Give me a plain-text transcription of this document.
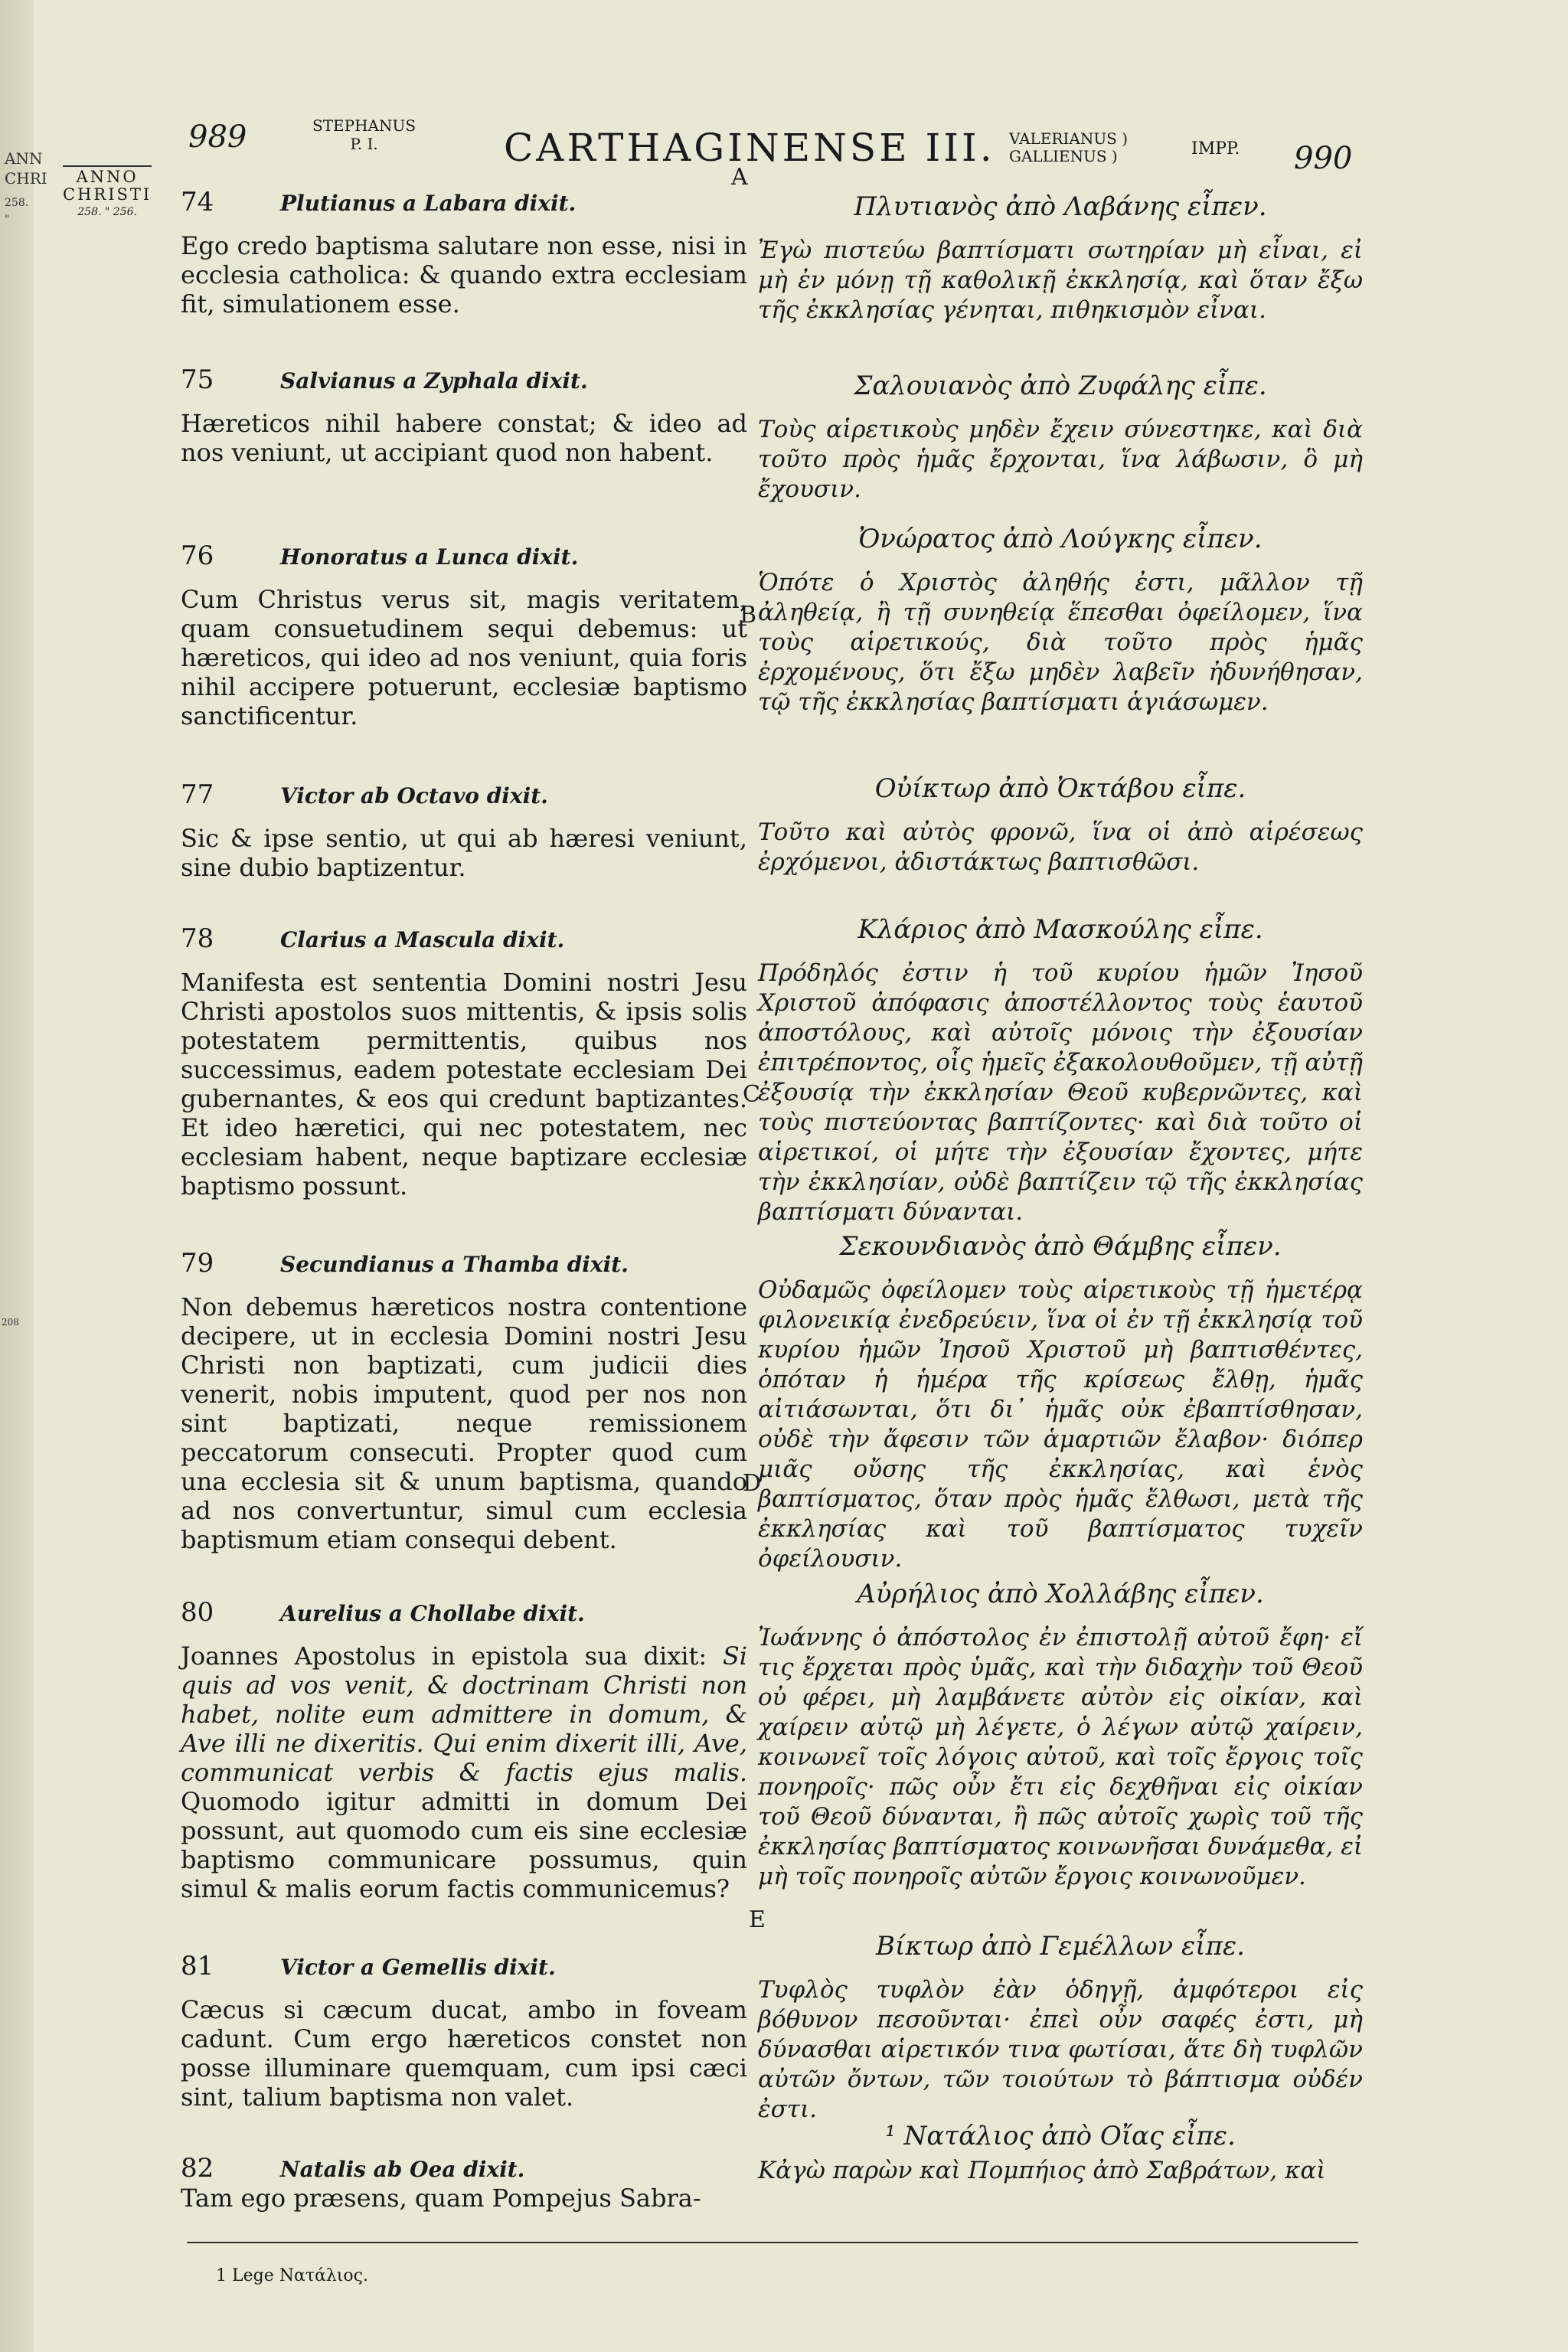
ANN
CHRI
258. "
208
989	STEPHANUS
P. I.	CARTHAGINENSE III. VALERIANUS )
GALLIENUS )	IMPP. 990
A
ANNO
CHRISTI
258. " 256.	74	Plutianus a Labara dixit.
Ego credo baptisma salutare non esse, nisi in ecclesia catholica: & quando extra ecclesiam fit, simulationem esse.
75	Salvianus a Zyphala dixit.
Hæreticos nihil habere constat; & ideo ad nos veniunt, ut accipiant quod non habent.
76	Honoratus a Lunca dixit.
Cum Christus verus sit, magis veritatem, quam consuetudinem sequi debemus: ut hæreticos, qui ideo ad nos veniunt, quia foris nihil accipere potuerunt, ecclesiæ baptismo sanctificentur.
77	Victor ab Octavo dixit.
Sic & ipse sentio, ut qui ab hæresi veniunt, sine dubio baptizentur.
78	Clarius a Mascula dixit.
Manifesta est sententia Domini nostri Jesu Christi apostolos suos mittentis, & ipsis solis potestatem permittentis, quibus nos successimus, eadem potestate ecclesiam Dei gubernantes, & eos qui credunt baptizantes. Et ideo hæretici, qui nec potestatem, nec ecclesiam habent, neque baptizare ecclesiæ baptismo possunt.
79	Secundianus a Thamba dixit.
Non debemus hæreticos nostra contentione decipere, ut in ecclesia Domini nostri Jesu Christi non baptizati, cum judicii dies venerit, nobis imputent, quod per nos non sint baptizati, neque remissionem peccatorum consecuti. Propter quod cum una ecclesia sit & unum baptisma, quando ad nos convertuntur, simul cum ecclesia baptismum etiam consequi debent.
80	Aurelius a Chollabe dixit.
Joannes Apostolus in epistola sua dixit: Si quis ad vos venit, & doctrinam Christi non habet, nolite eum admittere in domum, & Ave illi ne dixeritis. Qui enim dixerit illi, Ave, communicat verbis & factis ejus malis. Quomodo igitur admitti in domum Dei possunt, aut quomodo cum eis sine ecclesiæ baptismo communicare possumus, quin simul & malis eorum factis communicemus?
81	Victor a Gemellis dixit.
Cæcus si cæcum ducat, ambo in foveam cadunt. Cum ergo hæreticos constet non posse illuminare quemquam, cum ipsi cæci sint, talium baptisma non valet.
82	Natalis ab Oea dixit.
Tam ego præsens, quam Pompejus Sabra-
Πλυτιανὸς ἀπὸ Λαβάνης εἶπεν.
Ἐγὼ πιστεύω βαπτίσματι σωτηρίαν μὴ εἶναι, εἰ μὴ ἐν μόνῃ τῇ καθολικῇ ἐκκλησίᾳ, καὶ ὅταν ἔξω τῆς ἐκκλησίας γένηται, πιθηκισμὸν εἶναι.
Σαλουιανὸς ἀπὸ Ζυφάλης εἶπε.
Τοὺς αἱρετικοὺς μηδὲν ἔχειν σύνεστηκε, καὶ διὰ τοῦτο πρὸς ἡμᾶς ἔρχονται, ἵνα λάβωσιν, ὃ μὴ ἔχουσιν.
Ὀνώρατος ἀπὸ Λούγκης εἶπεν.
Ὁπότε ὁ Χριστὸς ἀληθής ἐστι, μᾶλλον τῇ ἀληθείᾳ, ἢ τῇ συνηθείᾳ ἕπεσθαι ὀφείλομεν, ἵνα τοὺς αἱρετικούς, διὰ τοῦτο πρὸς ἡμᾶς ἐρχομένους, ὅτι ἔξω μηδὲν λαβεῖν ἠδυνήθησαν, τῷ τῆς ἐκκλησίας βαπτίσματι ἁγιάσωμεν.
Οὐίκτωρ ἀπὸ Ὀκτάβου εἶπε.
Τοῦτο καὶ αὐτὸς φρονῶ, ἵνα οἱ ἀπὸ αἱρέσεως ἐρχόμενοι, ἀδιστάκτως βαπτισθῶσι.
Κλάριος ἀπὸ Μασκούλης εἶπε.
Πρόδηλός ἐστιν ἡ τοῦ κυρίου ἡμῶν Ἰησοῦ Χριστοῦ ἀπόφασις ἀποστέλλοντος τοὺς ἑαυτοῦ ἀποστόλους, καὶ αὐτοῖς μόνοις τὴν ἐξουσίαν ἐπιτρέποντος, οἷς ἡμεῖς ἐξακολουθοῦμεν, τῇ αὐτῇ ἐξουσίᾳ τὴν ἐκκλησίαν Θεοῦ κυβερνῶντες, καὶ τοὺς πιστεύοντας βαπτίζοντες· καὶ διὰ τοῦτο οἱ αἱρετικοί, οἱ μήτε τὴν ἐξουσίαν ἔχοντες, μήτε τὴν ἐκκλησίαν, οὐδὲ βαπτίζειν τῷ τῆς ἐκκλησίας βαπτίσματι δύνανται.
Σεκουνδιανὸς ἀπὸ Θάμβης εἶπεν.
Οὐδαμῶς ὀφείλομεν τοὺς αἱρετικοὺς τῇ ἡμετέρᾳ φιλονεικίᾳ ἐνεδρεύειν, ἵνα οἱ ἐν τῇ ἐκκλησίᾳ τοῦ κυρίου ἡμῶν Ἰησοῦ Χριστοῦ μὴ βαπτισθέντες, ὁπόταν ἡ ἡμέρα τῆς κρίσεως ἔλθῃ, ἡμᾶς αἰτιάσωνται, ὅτι δι᾽ ἡμᾶς οὐκ ἐβαπτίσθησαν, οὐδὲ τὴν ἄφεσιν τῶν ἁμαρτιῶν ἔλαβον· διόπερ μιᾶς οὔσης τῆς ἐκκλησίας, καὶ ἑνὸς βαπτίσματος, ὅταν πρὸς ἡμᾶς ἔλθωσι, μετὰ τῆς ἐκκλησίας καὶ τοῦ βαπτίσματος τυχεῖν ὀφείλουσιν.
Αὐρήλιος ἀπὸ Χολλάβης εἶπεν.
Ἰωάννης ὁ ἀπόστολος ἐν ἐπιστολῇ αὐτοῦ ἔφη· εἴ τις ἔρχεται πρὸς ὑμᾶς, καὶ τὴν διδαχὴν τοῦ Θεοῦ οὐ φέρει, μὴ λαμβάνετε αὐτὸν εἰς οἰκίαν, καὶ χαίρειν αὐτῷ μὴ λέγετε, ὁ λέγων αὐτῷ χαίρειν, κοινωνεῖ τοῖς λόγοις αὐτοῦ, καὶ τοῖς ἔργοις τοῖς πονηροῖς· πῶς οὖν ἔτι εἰς δεχθῆναι εἰς οἰκίαν τοῦ Θεοῦ δύνανται, ἢ πῶς αὐτοῖς χωρὶς τοῦ τῆς ἐκκλησίας βαπτίσματος κοινωνῆσαι δυνάμεθα, εἰ μὴ τοῖς πονηροῖς αὐτῶν ἔργοις κοινωνοῦμεν.
Βίκτωρ ἀπὸ Γεμέλλων εἶπε.
Τυφλὸς τυφλὸν ἐὰν ὁδηγῇ, ἀμφότεροι εἰς βόθυνον πεσοῦνται· ἐπεὶ οὖν σαφές ἐστι, μὴ δύνασθαι αἱρετικόν τινα φωτίσαι, ἅτε δὴ τυφλῶν αὐτῶν ὄντων, τῶν τοιούτων τὸ βάπτισμα οὐδέν ἐστι.
¹ Νατάλιος ἀπὸ Οἴας εἶπε.
Κἀγὼ παρὼν καὶ Πομπήιος ἀπὸ Σαβράτων, καὶ
B
C
D
E
1 Lege Νατάλιος.
